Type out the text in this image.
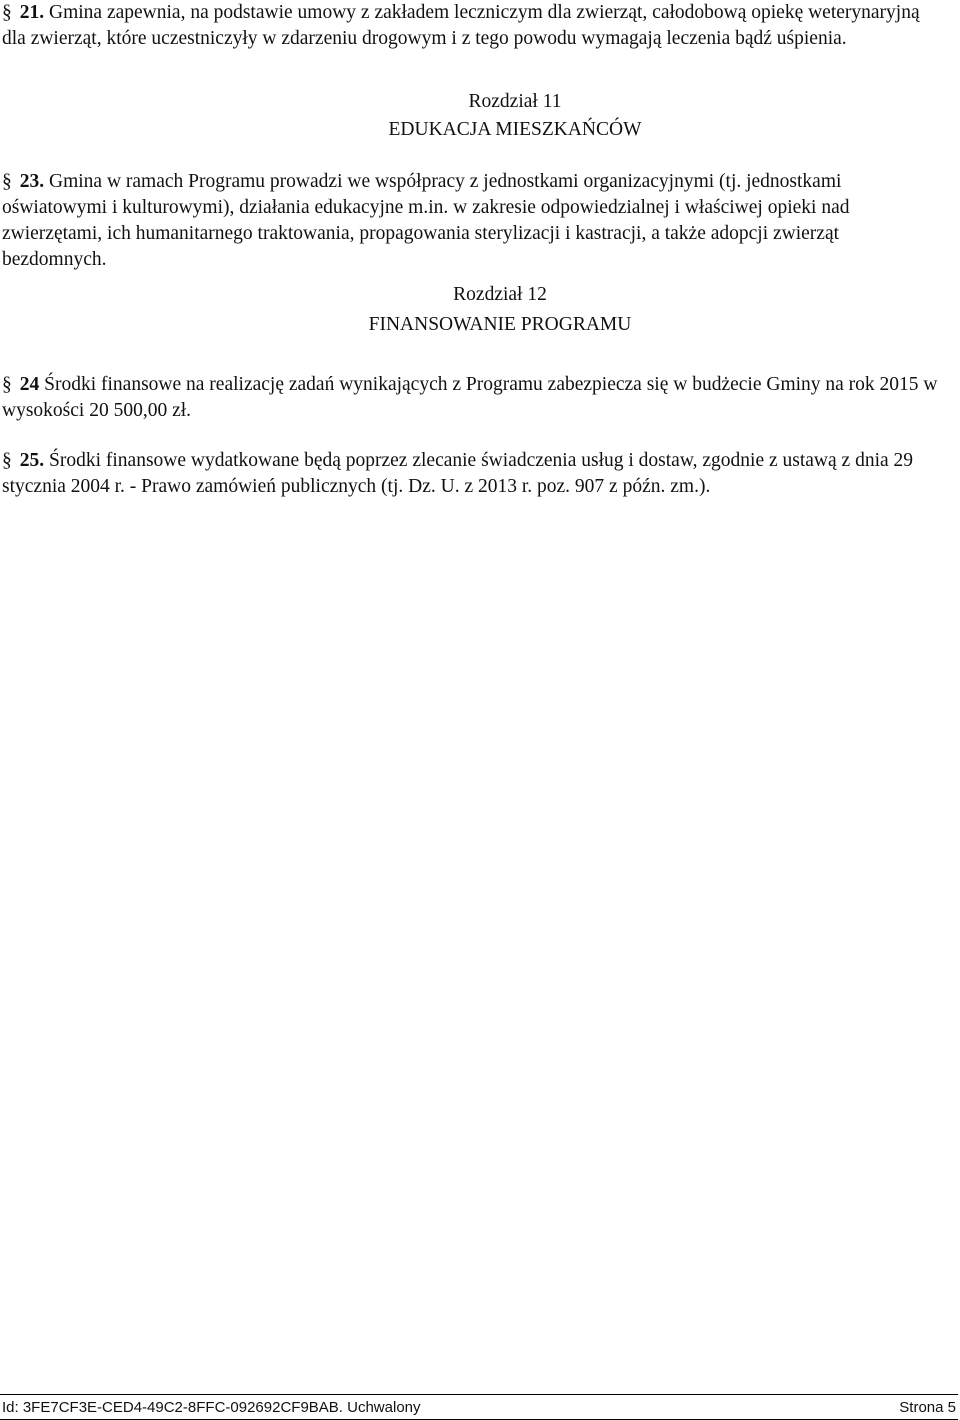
§ 21. Gmina zapewnia, na podstawie umowy z zakładem leczniczym dla zwierząt, całodobową opiekę weterynaryjną dla zwierząt, które uczestniczyły w zdarzeniu drogowym i z tego powodu wymagają leczenia bądź uśpienia.
Rozdział 11
EDUKACJA MIESZKAŃCÓW
§ 23. Gmina w ramach Programu prowadzi we współpracy z jednostkami organizacyjnymi (tj. jednostkami oświatowymi i kulturowymi), działania edukacyjne m.in. w zakresie odpowiedzialnej i właściwej opieki nad zwierzętami, ich humanitarnego traktowania, propagowania sterylizacji i kastracji, a także adopcji zwierząt bezdomnych.
Rozdział 12
FINANSOWANIE PROGRAMU
§ 24 Środki finansowe na realizację zadań wynikających z Programu zabezpiecza się w budżecie Gminy na rok 2015 w wysokości 20 500,00 zł.
§ 25. Środki finansowe wydatkowane będą poprzez zlecanie świadczenia usług i dostaw, zgodnie z ustawą z dnia 29 stycznia 2004 r. - Prawo zamówień publicznych (tj. Dz. U. z 2013 r. poz. 907 z późn. zm.).
Id: 3FE7CF3E-CED4-49C2-8FFC-092692CF9BAB. Uchwalony	Strona 5
